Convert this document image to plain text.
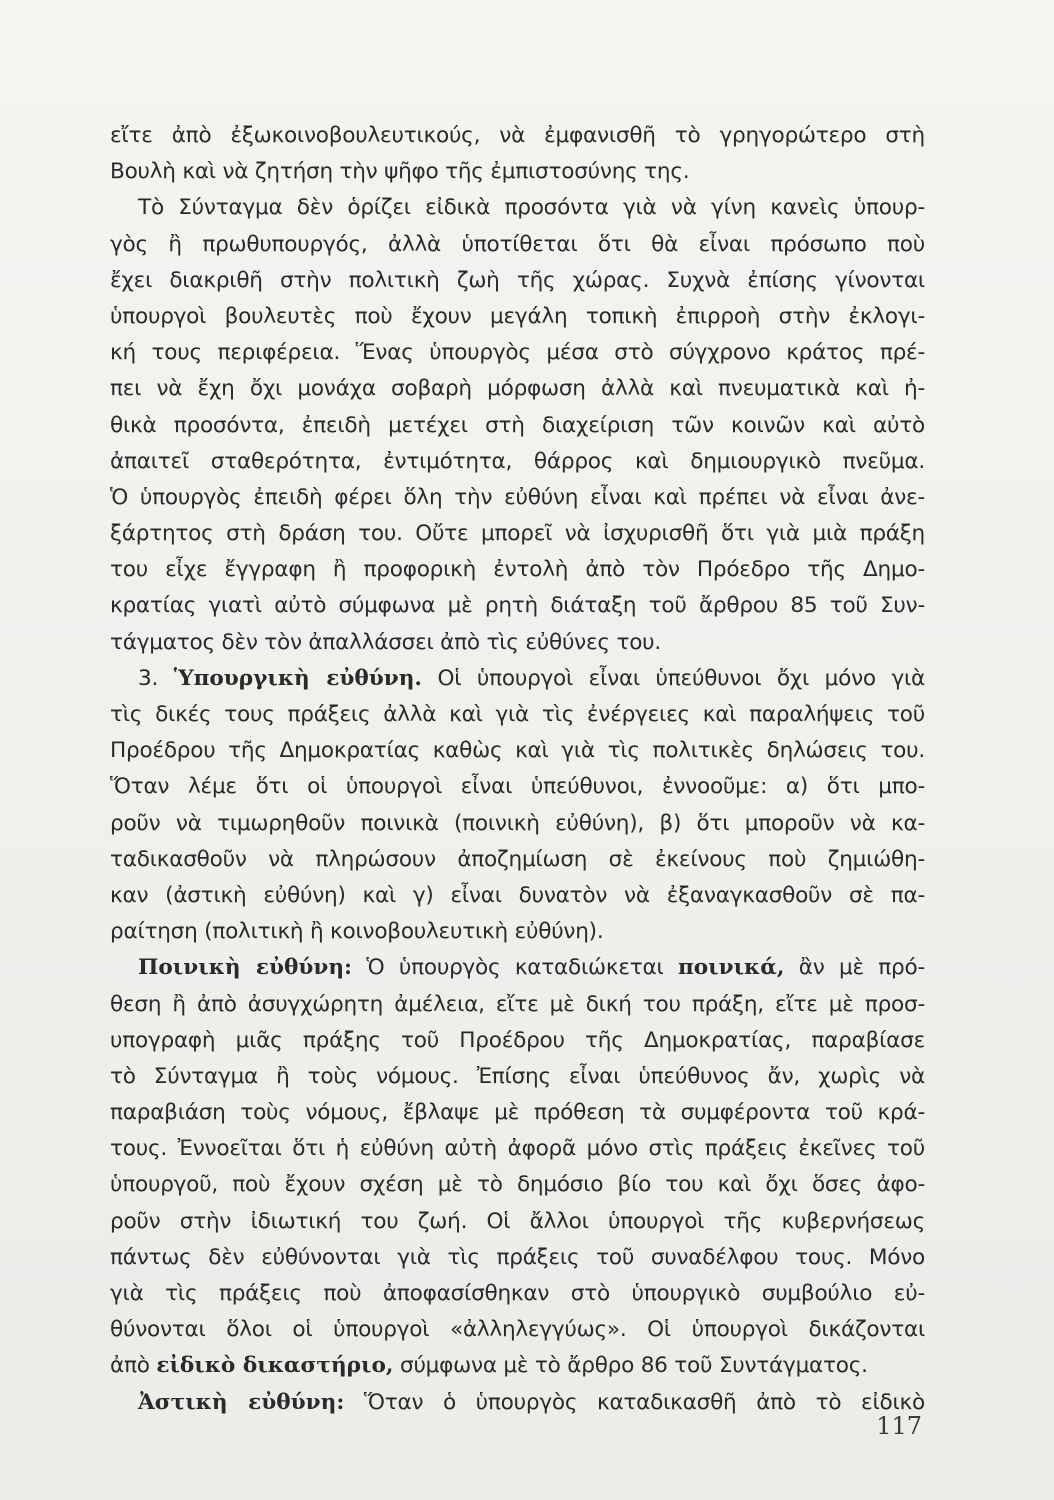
εἴτε ἀπὸ ἐξωκοινοβουλευτικούς, νὰ ἐμφανισθῆ τὸ γρηγορώτερο στὴ
Βουλὴ καὶ νὰ ζητήση τὴν ψῆφο τῆς ἐμπιστοσύνης της.
Τὸ Σύνταγμα δὲν ὁρίζει εἰδικὰ προσόντα γιὰ νὰ γίνη κανεὶς ὑπουρ-
γὸς ἢ πρωθυπουργός, ἀλλὰ ὑποτίθεται ὅτι θὰ εἶναι πρόσωπο ποὺ
ἔχει διακριθῆ στὴν πολιτικὴ ζωὴ τῆς χώρας. Συχνὰ ἐπίσης γίνονται
ὑπουργοὶ βουλευτὲς ποὺ ἔχουν μεγάλη τοπικὴ ἐπιρροὴ στὴν ἐκλογι-
κή τους περιφέρεια. Ἕνας ὑπουργὸς μέσα στὸ σύγχρονο κράτος πρέ-
πει νὰ ἔχη ὄχι μονάχα σοβαρὴ μόρφωση ἀλλὰ καὶ πνευματικὰ καὶ ἠ-
θικὰ προσόντα, ἐπειδὴ μετέχει στὴ διαχείριση τῶν κοινῶν καὶ αὐτὸ
ἀπαιτεῖ σταθερότητα, ἐντιμότητα, θάρρος καὶ δημιουργικὸ πνεῦμα.
Ὁ ὑπουργὸς ἐπειδὴ φέρει ὅλη τὴν εὐθύνη εἶναι καὶ πρέπει νὰ εἶναι ἀνε-
ξάρτητος στὴ δράση του. Οὔτε μπορεῖ νὰ ἰσχυρισθῆ ὅτι γιὰ μιὰ πράξη
του εἶχε ἔγγραφη ἢ προφορικὴ ἐντολὴ ἀπὸ τὸν Πρόεδρο τῆς Δημο-
κρατίας γιατὶ αὐτὸ σύμφωνα μὲ ρητὴ διάταξη τοῦ ἄρθρου 85 τοῦ Συν-
τάγματος δὲν τὸν ἀπαλλάσσει ἀπὸ τὶς εὐθύνες του.
3. Ὑπουργικὴ εὐθύνη. Οἱ ὑπουργοὶ εἶναι ὑπεύθυνοι ὄχι μόνο γιὰ
τὶς δικές τους πράξεις ἀλλὰ καὶ γιὰ τὶς ἐνέργειες καὶ παραλήψεις τοῦ
Προέδρου τῆς Δημοκρατίας καθὼς καὶ γιὰ τὶς πολιτικὲς δηλώσεις του.
Ὅταν λέμε ὅτι οἱ ὑπουργοὶ εἶναι ὑπεύθυνοι, ἐννοοῦμε: α) ὅτι μπο-
ροῦν νὰ τιμωρηθοῦν ποινικὰ (ποινικὴ εὐθύνη), β) ὅτι μποροῦν νὰ κα-
ταδικασθοῦν νὰ πληρώσουν ἀποζημίωση σὲ ἐκείνους ποὺ ζημιώθη-
καν (ἀστικὴ εὐθύνη) καὶ γ) εἶναι δυνατὸν νὰ ἐξαναγκασθοῦν σὲ πα-
ραίτηση (πολιτικὴ ἢ κοινοβουλευτικὴ εὐθύνη).
Ποινικὴ εὐθύνη: Ὁ ὑπουργὸς καταδιώκεται ποινικά, ἂν μὲ πρό-
θεση ἢ ἀπὸ ἀσυγχώρητη ἀμέλεια, εἴτε μὲ δική του πράξη, εἴτε μὲ προσ-
υπογραφὴ μιᾶς πράξης τοῦ Προέδρου τῆς Δημοκρατίας, παραβίασε
τὸ Σύνταγμα ἢ τοὺς νόμους. Ἐπίσης εἶναι ὑπεύθυνος ἄν, χωρὶς νὰ
παραβιάση τοὺς νόμους, ἔβλαψε μὲ πρόθεση τὰ συμφέροντα τοῦ κρά-
τους. Ἐννοεῖται ὅτι ἡ εὐθύνη αὐτὴ ἀφορᾶ μόνο στὶς πράξεις ἐκεῖνες τοῦ
ὑπουργοῦ, ποὺ ἔχουν σχέση μὲ τὸ δημόσιο βίο του καὶ ὄχι ὅσες ἀφο-
ροῦν στὴν ἰδιωτική του ζωή. Οἱ ἄλλοι ὑπουργοὶ τῆς κυβερνήσεως
πάντως δὲν εὐθύνονται γιὰ τὶς πράξεις τοῦ συναδέλφου τους. Μόνο
γιὰ τὶς πράξεις ποὺ ἀποφασίσθηκαν στὸ ὑπουργικὸ συμβούλιο εὐ-
θύνονται ὅλοι οἱ ὑπουργοὶ «ἀλληλεγγύως». Οἱ ὑπουργοὶ δικάζονται
ἀπὸ εἰδικὸ δικαστήριο, σύμφωνα μὲ τὸ ἄρθρο 86 τοῦ Συντάγματος.
Ἀστικὴ εὐθύνη: Ὅταν ὁ ὑπουργὸς καταδικασθῆ ἀπὸ τὸ εἰδικὸ
117
